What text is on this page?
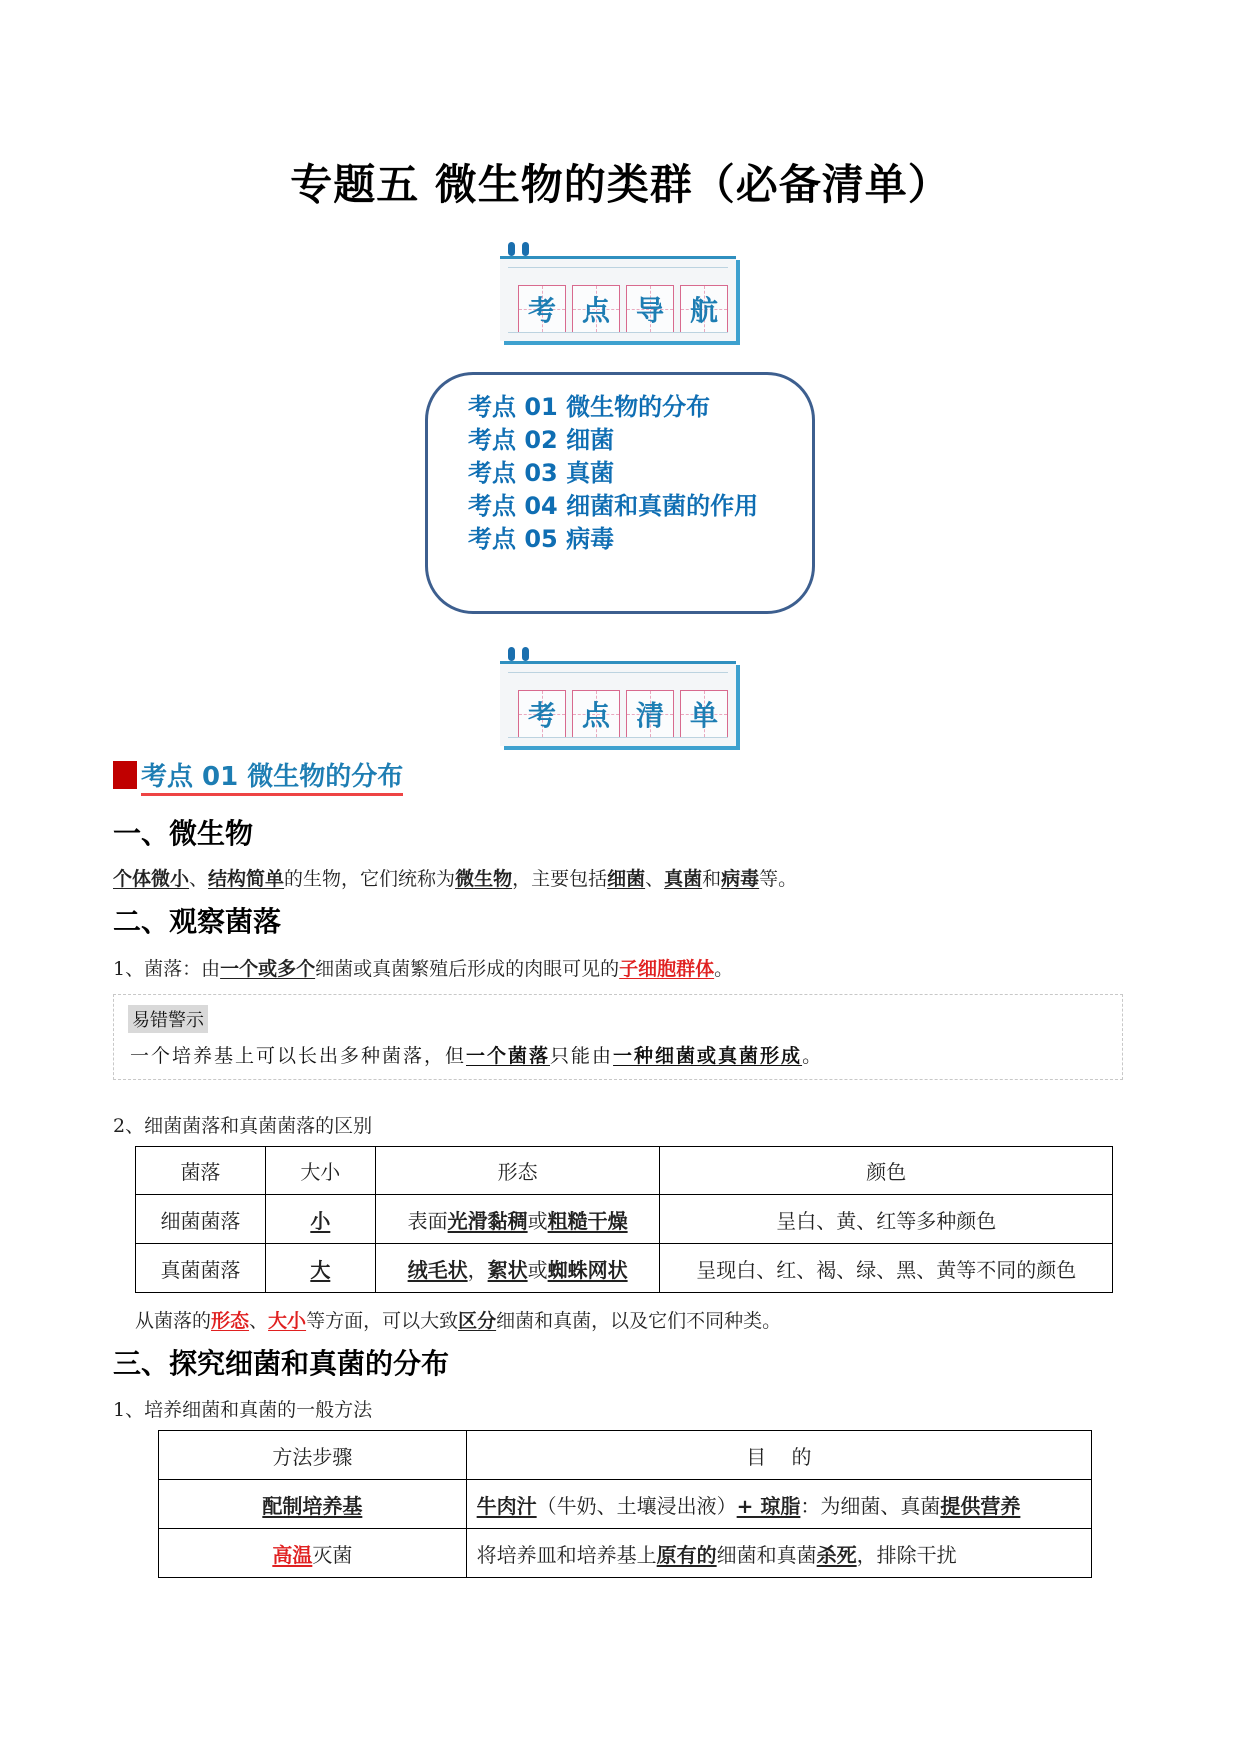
专题五 微生物的类群（必备清单）
考 点 导 航
考点 01 微生物的分布
考点 02 细菌
考点 03 真菌
考点 04 细菌和真菌的作用
考点 05 病毒
考 点 清 单
考点 01 微生物的分布
一、微生物
个体微小、结构简单的生物，它们统称为微生物，主要包括细菌、真菌和病毒等。
二、观察菌落
1、菌落：由一个或多个细菌或真菌繁殖后形成的肉眼可见的子细胞群体。
易错警示
一个培养基上可以长出多种菌落，但一个菌落只能由一种细菌或真菌形成。
2、细菌菌落和真菌菌落的区别
菌落	大小	形态	颜色
细菌菌落	小	表面光滑黏稠或粗糙干燥	呈白、黄、红等多种颜色
真菌菌落	大	绒毛状，絮状或蜘蛛网状	呈现白、红、褐、绿、黑、黄等不同的颜色
从菌落的形态、大小等方面，可以大致区分细菌和真菌，以及它们不同种类。
三、探究细菌和真菌的分布
1、培养细菌和真菌的一般方法
方法步骤	目    的
配制培养基	牛肉汁（牛奶、土壤浸出液）+ 琼脂：为细菌、真菌提供营养
高温灭菌	将培养皿和培养基上原有的细菌和真菌杀死，排除干扰
